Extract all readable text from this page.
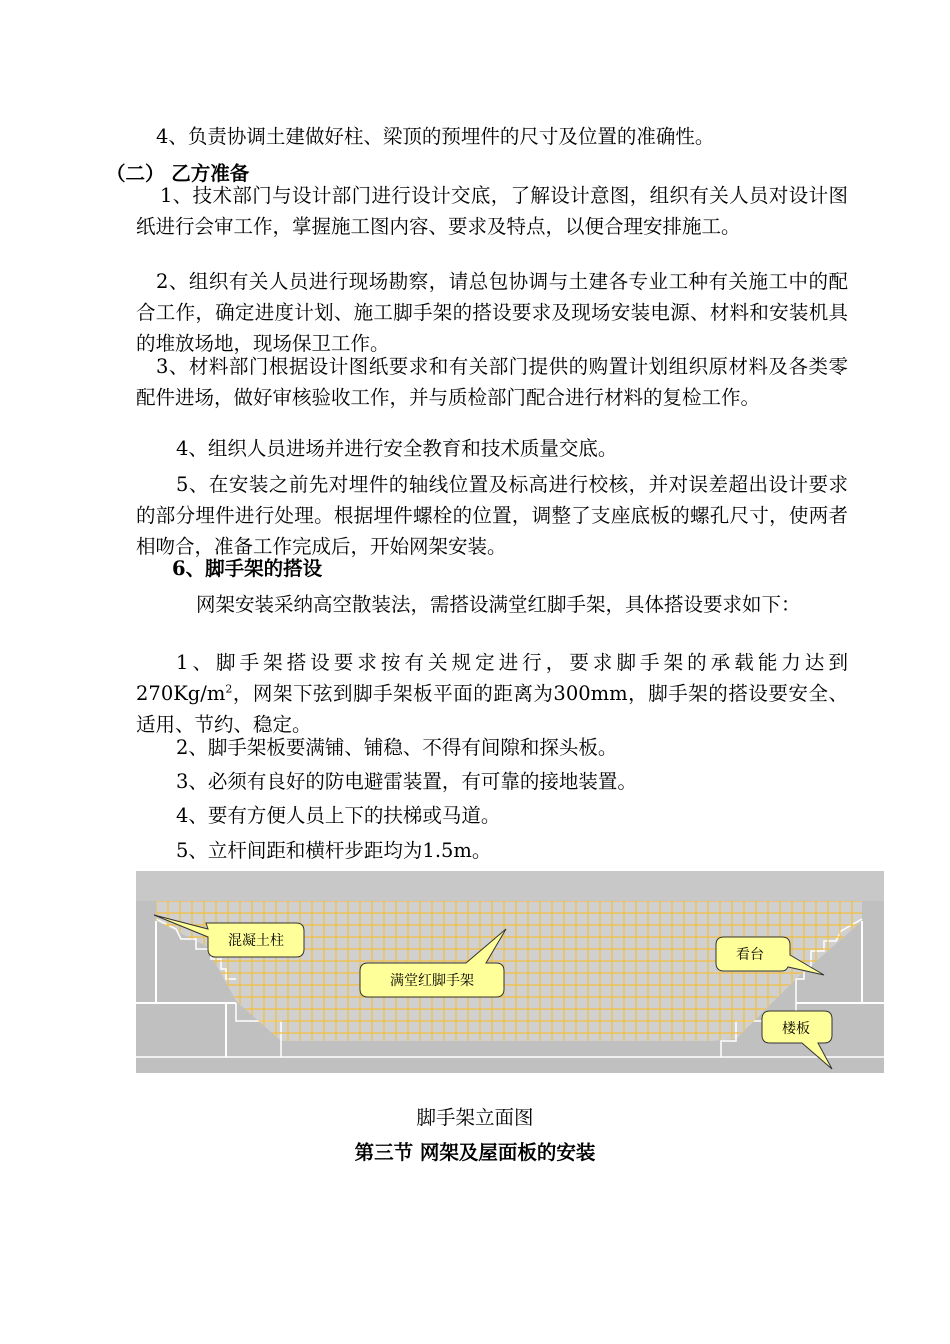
4、负责协调土建做好柱、梁顶的预埋件的尺寸及位置的准确性。

（二） 乙方准备

1、技术部门与设计部门进行设计交底，了解设计意图，组织有关人员对设计图纸进行会审工作，掌握施工图内容、要求及特点，以便合理安排施工。

2、组织有关人员进行现场勘察，请总包协调与土建各专业工种有关施工中的配合工作，确定进度计划、施工脚手架的搭设要求及现场安装电源、材料和安装机具的堆放场地，现场保卫工作。

3、材料部门根据设计图纸要求和有关部门提供的购置计划组织原材料及各类零配件进场，做好审核验收工作，并与质检部门配合进行材料的复检工作。

4、组织人员进场并进行安全教育和技术质量交底。

5、在安装之前先对埋件的轴线位置及标高进行校核，并对误差超出设计要求的部分埋件进行处理。根据埋件螺栓的位置，调整了支座底板的螺孔尺寸，使两者相吻合，准备工作完成后，开始网架安装。

6、脚手架的搭设

网架安装采纳高空散装法，需搭设满堂红脚手架，具体搭设要求如下：

1、脚手架搭设要求按有关规定进行，要求脚手架的承载能力达到$270Kg/m^2$，网架下弦到脚手架板平面的距离为300mm，脚手架的搭设要安全、适用、节约、稳定。

2、脚手架板要满铺、铺稳、不得有间隙和探头板。

3、必须有良好的防电避雷装置，有可靠的接地装置。

4、要有方便人员上下的扶梯或马道。

5、立杆间距和横杆步距均为1.5m。

混凝土柱
满堂红脚手架
看台
楼板

脚手架立面图

第三节 网架及屋面板的安装
